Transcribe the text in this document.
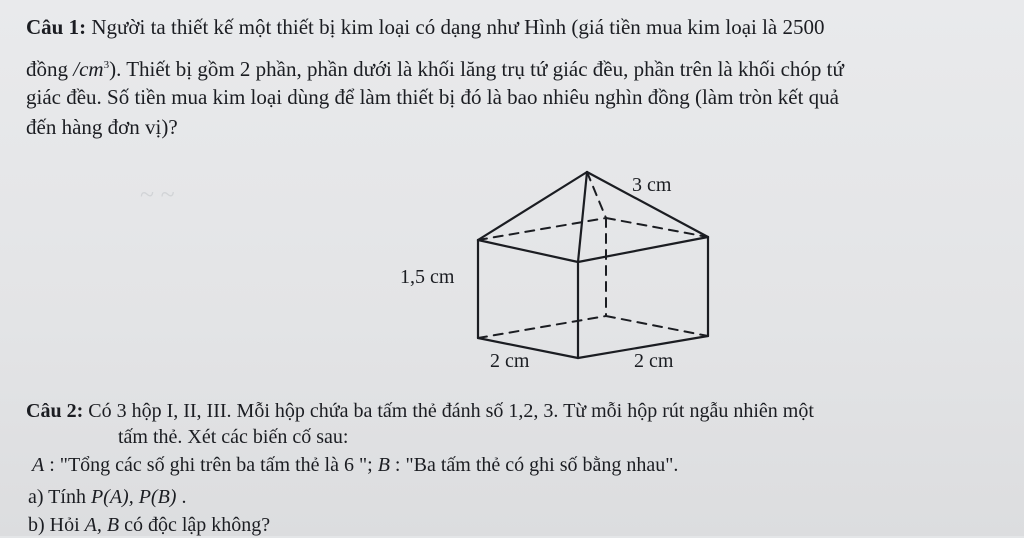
Câu 1: Người ta thiết kế một thiết bị kim loại có dạng như Hình (giá tiền mua kim loại là 2500
đồng $/cm^3$). Thiết bị gồm 2 phần, phần dưới là khối lăng trụ tứ giác đều, phần trên là khối chóp tứ
giác đều. Số tiền mua kim loại dùng để làm thiết bị đó là bao nhiêu nghìn đồng (làm tròn kết quả
đến hàng đơn vị)?
3 cm
1,5 cm
2 cm	2 cm
Câu 2: Có 3 hộp I, II, III. Mỗi hộp chứa ba tấm thẻ đánh số 1,2, 3. Từ mỗi hộp rút ngẫu nhiên một
tấm thẻ. Xét các biến cố sau:
A : "Tổng các số ghi trên ba tấm thẻ là 6 "; B : "Ba tấm thẻ có ghi số bằng nhau".
a) Tính P(A), P(B) .
b) Hỏi A, B có độc lập không?
